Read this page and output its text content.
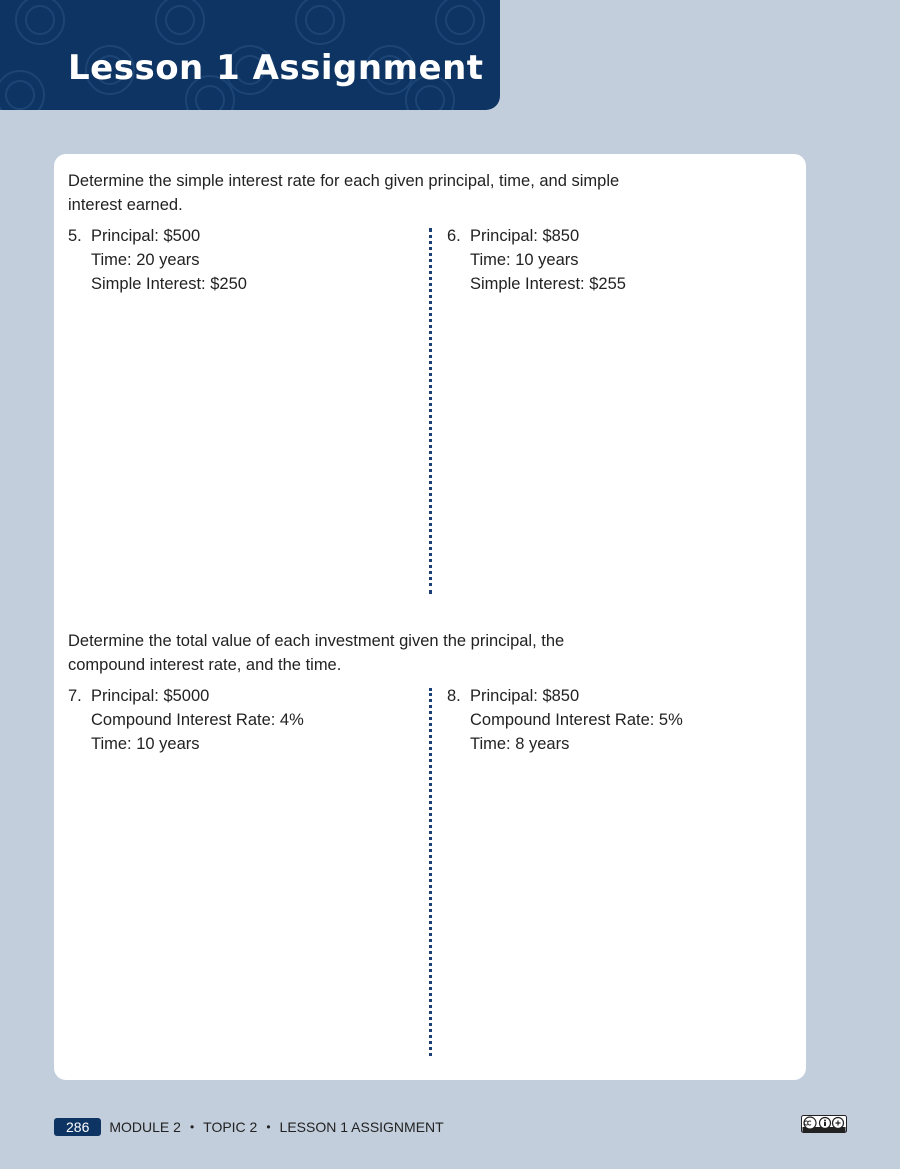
Lesson 1 Assignment
Determine the simple interest rate for each given principal, time, and simple interest earned.
5. Principal: $500
Time: 20 years
Simple Interest: $250
6. Principal: $850
Time: 10 years
Simple Interest: $255
Determine the total value of each investment given the principal, the compound interest rate, and the time.
7. Principal: $5000
Compound Interest Rate: 4%
Time: 10 years
8. Principal: $850
Compound Interest Rate: 5%
Time: 8 years
286	MODULE 2 • TOPIC 2 • LESSON 1 ASSIGNMENT
